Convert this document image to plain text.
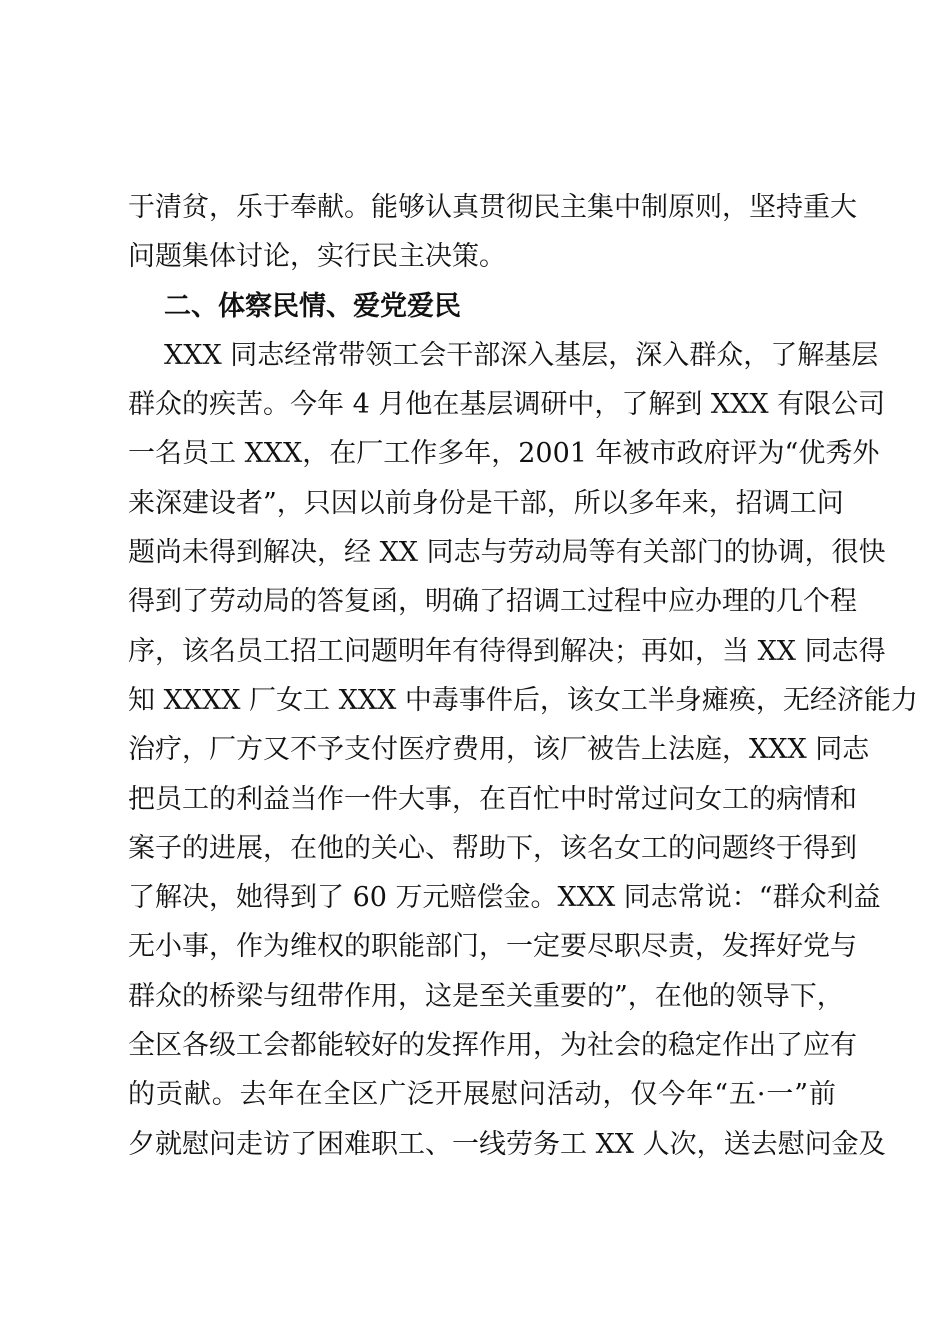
于清贫，乐于奉献。能够认真贯彻民主集中制原则，坚持重大
问题集体讨论，实行民主决策。
二、体察民情、爱党爱民
XXX 同志经常带领工会干部深入基层，深入群众，了解基层
群众的疾苦。今年 4 月他在基层调研中，了解到 XXX 有限公司
一名员工 XXX，在厂工作多年，2001 年被市政府评为“优秀外
来深建设者”，只因以前身份是干部，所以多年来，招调工问
题尚未得到解决，经 XX 同志与劳动局等有关部门的协调，很快
得到了劳动局的答复函，明确了招调工过程中应办理的几个程
序，该名员工招工问题明年有待得到解决；再如，当 XX 同志得
知 XXXX 厂女工 XXX 中毒事件后，该女工半身瘫痪，无经济能力
治疗，厂方又不予支付医疗费用，该厂被告上法庭，XXX 同志
把员工的利益当作一件大事，在百忙中时常过问女工的病情和
案子的进展，在他的关心、帮助下，该名女工的问题终于得到
了解决，她得到了 60 万元赔偿金。XXX 同志常说：“群众利益
无小事，作为维权的职能部门，一定要尽职尽责，发挥好党与
群众的桥梁与纽带作用，这是至关重要的”，在他的领导下，
全区各级工会都能较好的发挥作用，为社会的稳定作出了应有
的贡献。去年在全区广泛开展慰问活动，仅今年“五·一”前
夕就慰问走访了困难职工、一线劳务工 XX 人次，送去慰问金及
